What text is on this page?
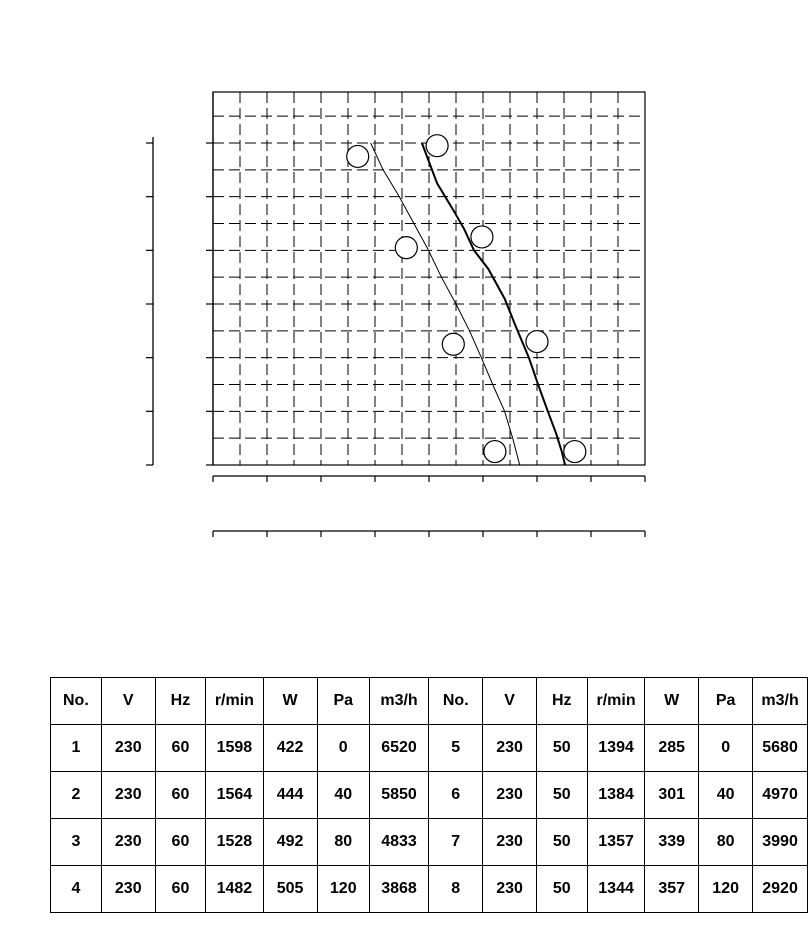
No.	V	Hz	r/min	W	Pa	m3/h	No.	V	Hz	r/min	W	Pa	m3/h
1	230	60	1598	422	0	6520	5	230	50	1394	285	0	5680
2	230	60	1564	444	40	5850	6	230	50	1384	301	40	4970
3	230	60	1528	492	80	4833	7	230	50	1357	339	80	3990
4	230	60	1482	505	120	3868	8	230	50	1344	357	120	2920
